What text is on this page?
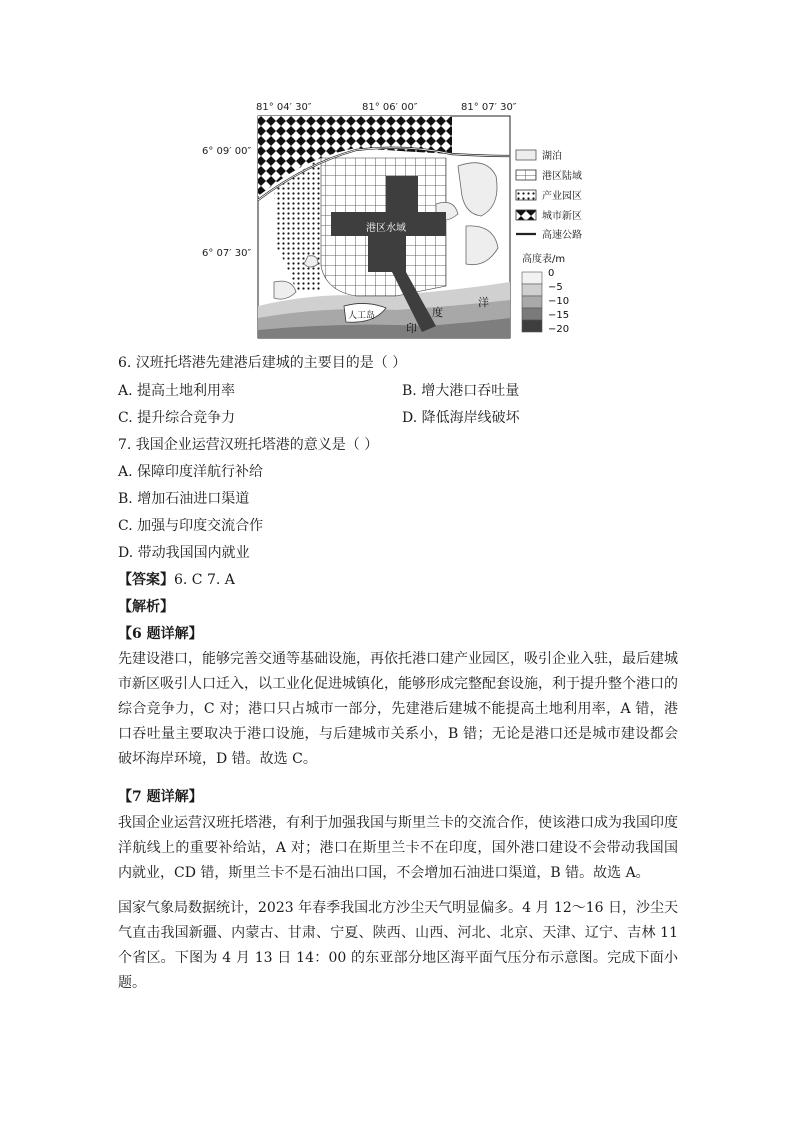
81° 04′ 30″	81° 06′ 00″	81° 07′ 30″
6° 09′ 00″
6° 07′ 30″
港区水域
人工岛
印
度
洋
湖泊
港区陆域
产业园区
城市新区
高速公路
高度表/m
0
−5
−10
−15
−20
6. 汉班托塔港先建港后建城的主要目的是（ ）
A. 提高土地利用率	B. 增大港口吞吐量
C. 提升综合竞争力	D. 降低海岸线破坏
7. 我国企业运营汉班托塔港的意义是（ ）
A. 保障印度洋航行补给
B. 增加石油进口渠道
C. 加强与印度交流合作
D. 带动我国国内就业
【答案】6. C 7. A
【解析】
【6 题详解】
先建设港口，能够完善交通等基础设施，再依托港口建产业园区，吸引企业入驻，最后建城市新区吸引人口迁入，以工业化促进城镇化，能够形成完整配套设施，利于提升整个港口的综合竞争力，C 对；港口只占城市一部分，先建港后建城不能提高土地利用率，A 错，港口吞吐量主要取决于港口设施，与后建城市关系小，B 错；无论是港口还是城市建设都会破坏海岸环境，D 错。故选 C。
【7 题详解】
我国企业运营汉班托塔港，有利于加强我国与斯里兰卡的交流合作，使该港口成为我国印度洋航线上的重要补给站，A 对；港口在斯里兰卡不在印度，国外港口建设不会带动我国国内就业，CD 错，斯里兰卡不是石油出口国，不会增加石油进口渠道，B 错。故选 A。
国家气象局数据统计，2023 年春季我国北方沙尘天气明显偏多。4 月 12～16 日，沙尘天气直击我国新疆、内蒙古、甘肃、宁夏、陕西、山西、河北、北京、天津、辽宁、吉林 11 个省区。下图为 4 月 13 日 14：00 的东亚部分地区海平面气压分布示意图。完成下面小题。
